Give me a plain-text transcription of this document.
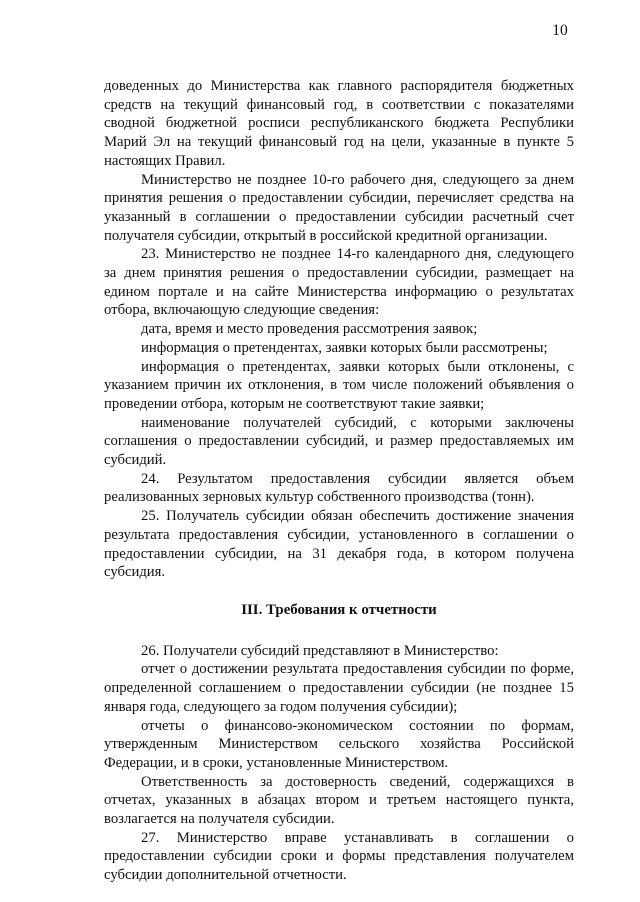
10

доведенных до Министерства как главного распорядителя бюджетных средств на текущий финансовый год, в соответствии с показателями сводной бюджетной росписи республиканского бюджета Республики Марий Эл на текущий финансовый год на цели, указанные в пункте 5 настоящих Правил.

Министерство не позднее 10-го рабочего дня, следующего за днем принятия решения о предоставлении субсидии, перечисляет средства на указанный в соглашении о предоставлении субсидии расчетный счет получателя субсидии, открытый в российской кредитной организации.

23. Министерство не позднее 14-го календарного дня, следующего за днем принятия решения о предоставлении субсидии, размещает на едином портале и на сайте Министерства информацию о результатах отбора, включающую следующие сведения:

дата, время и место проведения рассмотрения заявок;

информация о претендентах, заявки которых были рассмотрены;

информация о претендентах, заявки которых были отклонены, с указанием причин их отклонения, в том числе положений объявления о проведении отбора, которым не соответствуют такие заявки;

наименование получателей субсидий, с которыми заключены соглашения о предоставлении субсидий, и размер предоставляемых им субсидий.

24. Результатом предоставления субсидии является объем реализованных зерновых культур собственного производства (тонн).

25. Получатель субсидии обязан обеспечить достижение значения результата предоставления субсидии, установленного в соглашении о предоставлении субсидии, на 31 декабря года, в котором получена субсидия.

III. Требования к отчетности

26. Получатели субсидий представляют в Министерство:

отчет о достижении результата предоставления субсидии по форме, определенной соглашением о предоставлении субсидии (не позднее 15 января года, следующего за годом получения субсидии);

отчеты о финансово-экономическом состоянии по формам, утвержденным Министерством сельского хозяйства Российской Федерации, и в сроки, установленные Министерством.

Ответственность за достоверность сведений, содержащихся в отчетах, указанных в абзацах втором и третьем настоящего пункта, возлагается на получателя субсидии.

27. Министерство вправе устанавливать в соглашении о предоставлении субсидии сроки и формы представления получателем субсидии дополнительной отчетности.
